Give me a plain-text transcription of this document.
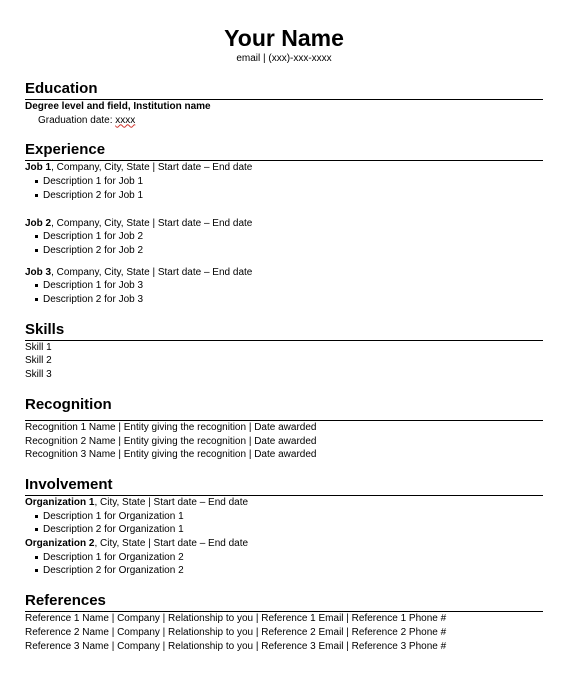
Your Name

email | (xxx)-xxx-xxxx

Education

Degree level and field, Institution name

Graduation date: xxxx

Experience

Job 1, Company, City, State | Start date – End date

Description 1 for Job 1
Description 2 for Job 1

Job 2, Company, City, State | Start date – End date

Description 1 for Job 2
Description 2 for Job 2

Job 3, Company, City, State | Start date – End date

Description 1 for Job 3
Description 2 for Job 3
Skills

Skill 1

Skill 2

Skill 3

Recognition

Recognition 1 Name | Entity giving the recognition | Date awarded

Recognition 2 Name | Entity giving the recognition | Date awarded

Recognition 3 Name | Entity giving the recognition | Date awarded

Involvement

Organization 1, City, State | Start date – End date

Description 1 for Organization 1
Description 2 for Organization 1

Organization 2, City, State | Start date – End date

Description 1 for Organization 2
Description 2 for Organization 2
References

Reference 1 Name | Company | Relationship to you | Reference 1 Email | Reference 1 Phone #

Reference 2 Name | Company | Relationship to you | Reference 2 Email | Reference 2 Phone #

Reference 3 Name | Company | Relationship to you | Reference 3 Email | Reference 3 Phone #
